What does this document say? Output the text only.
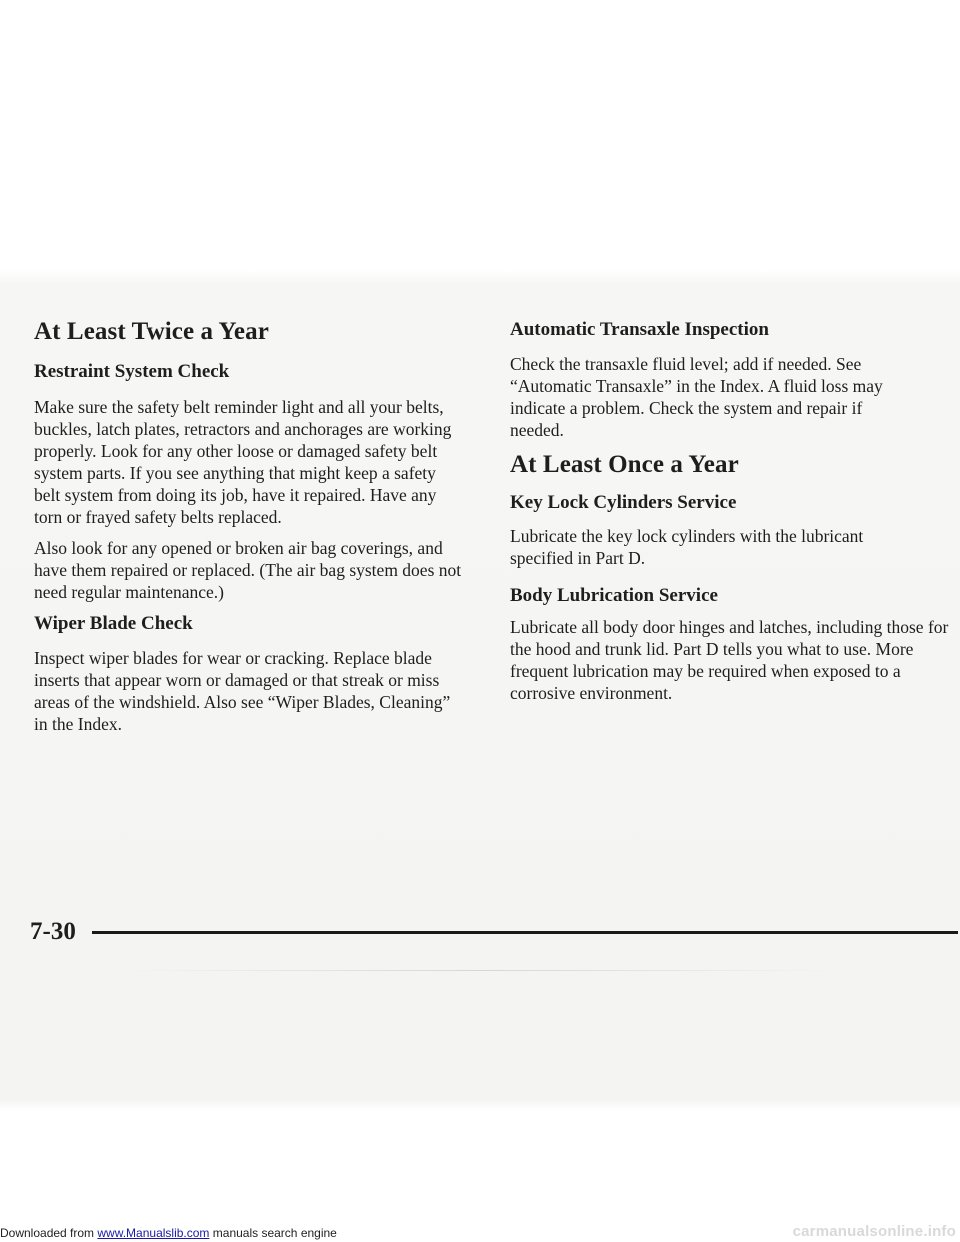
At Least Twice a Year
Restraint System Check

Make sure the safety belt reminder light and all your belts, buckles, latch plates, retractors and anchorages are working properly. Look for any other loose or damaged safety belt system parts. If you see anything that might keep a safety belt system from doing its job, have it repaired. Have any torn or frayed safety belts replaced.

Also look for any opened or broken air bag coverings, and have them repaired or replaced. (The air bag system does not need regular maintenance.)

Wiper Blade Check

Inspect wiper blades for wear or cracking. Replace blade inserts that appear worn or damaged or that streak or miss areas of the windshield. Also see “Wiper Blades, Cleaning” in the Index.

Automatic Transaxle Inspection

Check the transaxle fluid level; add if needed. See “Automatic Transaxle” in the Index. A fluid loss may indicate a problem. Check the system and repair if needed.

At Least Once a Year
Key Lock Cylinders Service

Lubricate the key lock cylinders with the lubricant specified in Part D.

Body Lubrication Service

Lubricate all body door hinges and latches, including those for the hood and trunk lid. Part D tells you what to use. More frequent lubrication may be required when exposed to a corrosive environment.

7-30
Downloaded from www.Manualslib.com manuals search engine	carmanualsonline.info
